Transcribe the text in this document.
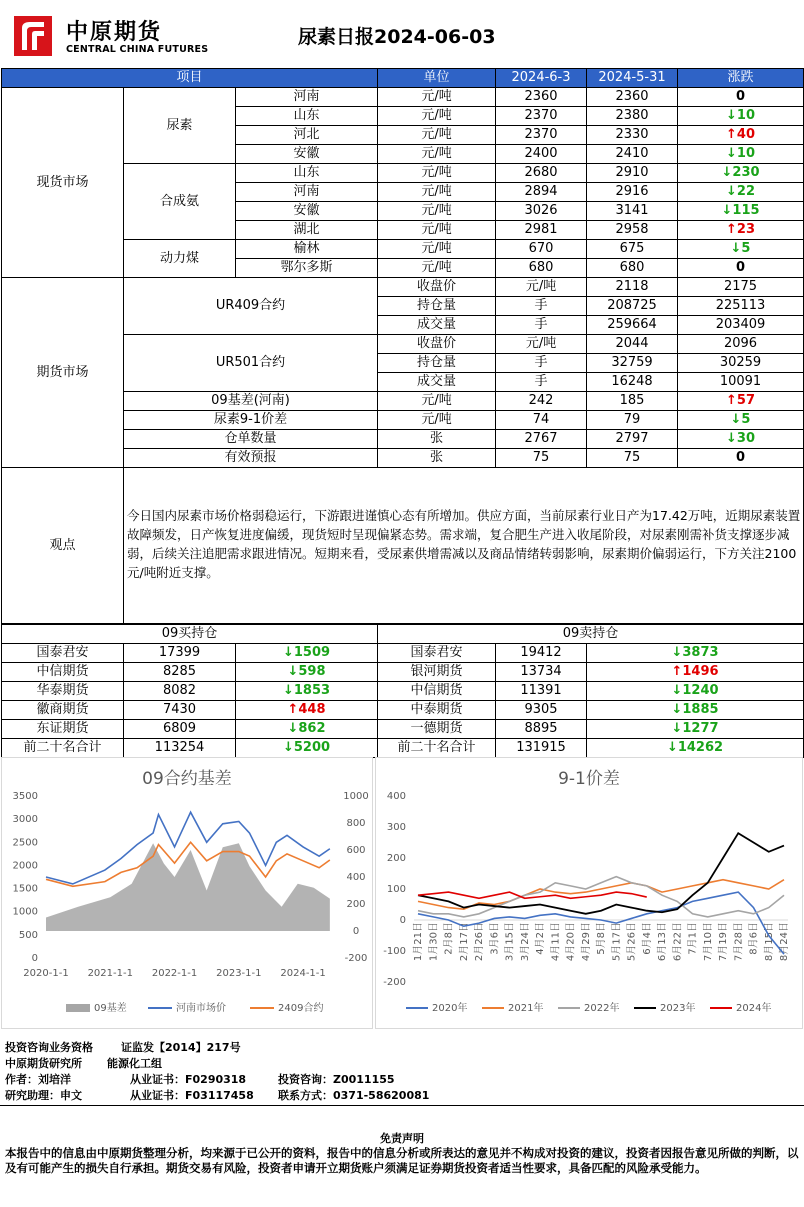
中原期货
CENTRAL CHINA FUTURES
尿素日报2024-06-03
项目			单位	2024-6-3	2024-5-31	涨跌	
现货市场	尿素	河南	元/吨	2360	2360	0	
		山东	元/吨	2370	2380	↓10	
		河北	元/吨	2370	2330	↑40	
		安徽	元/吨	2400	2410	↓10	
	合成氨	山东	元/吨	2680	2910	↓230	
		河南	元/吨	2894	2916	↓22	
		安徽	元/吨	3026	3141	↓115	
		湖北	元/吨	2981	2958	↑23	
	动力煤	榆林	元/吨	670	675	↓5	
		鄂尔多斯	元/吨	680	680	0	
期货市场	UR409合约		收盘价	元/吨	2118	2175	
			持仓量	手	208725	225113	
			成交量	手	259664	203409	
	UR501合约		收盘价	元/吨	2044	2096	
			持仓量	手	32759	30259	
			成交量	手	16248	10091	
	09基差(河南)		元/吨	242	185	↑57	
	尿素9-1价差		元/吨	74	79	↓5	
	仓单数量		张	2767	2797	↓30	
	有效预报		张	75	75	0	
观点	今日国内尿素市场价格弱稳运行，下游跟进谨慎心态有所增加。供应方面，当前尿素行业日产为17.42万吨，近期尿素装置故障频发，日产恢复进度偏缓，现货短时呈现偏紧态势。需求端，复合肥生产进入收尾阶段，对尿素刚需补货支撑逐步减弱，后续关注追肥需求跟进情况。短期来看，受尿素供增需减以及商品情绪转弱影响，尿素期价偏弱运行，下方关注2100元/吨附近支撑。						
09买持仓			09卖持仓		
国泰君安	17399	↓1509	国泰君安	19412	↓3873
中信期货	8285	↓598	银河期货	13734	↑1496
华泰期货	8082	↓1853	中信期货	11391	↓1240
徽商期货	7430	↑448	中泰期货	9305	↓1885
东证期货	6809	↓862	一德期货	8895	↓1277
前二十名合计	113254	↓5200	前二十名合计	131915	↓14262
09合约基差
3500
3000
2500
2000
1500
1000
500
0
1000
800
600
400
200
0
-200
2020-1-1 2021-1-1 2022-1-1 2023-1-1 2024-1-1
09基差	河南市场价	2409合约
9-1价差
400
300
200
100
0
-100
-200
1月21日 1月30日 2月8日 2月17日 2月26日 3月6日 3月15日 3月24日 4月2日 4月11日 4月20日 4月29日 5月8日 5月17日 5月26日 6月4日 6月13日 6月22日 7月1日 7月10日 7月19日 7月28日 8月6日 8月15日 8月24日
2020年	2021年	2022年	2023年	2024年
投资咨询业务资格	证监发【2014】217号
中原期货研究所 能源化工组
作者：刘培洋	从业证书：F0290318	投资咨询：Z0011155
研究助理：申文	从业证书：F03117458 联系方式：0371-58620081
免责声明
本报告中的信息由中原期货整理分析，均来源于已公开的资料，报告中的信息分析或所表达的意见并不构成对投资的建议，投资者因报告意见所做的判断，以及有可能产生的损失自行承担。期货交易有风险，投资者申请开立期货账户须满足证券期货投资者适当性要求，具备匹配的风险承受能力。
